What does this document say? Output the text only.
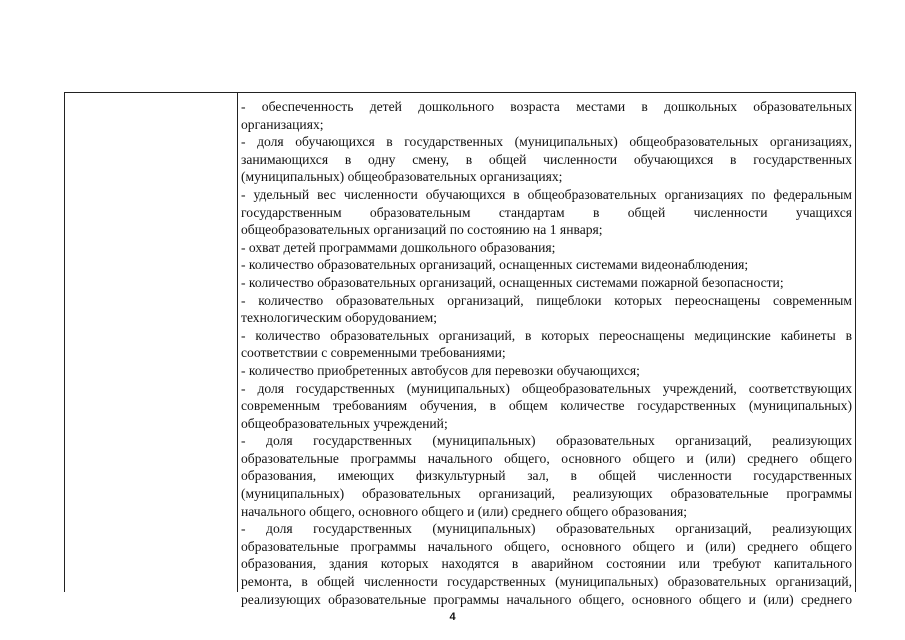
- обеспеченность детей дошкольного возраста местами в дошкольных образовательных
организациях;
- доля обучающихся в государственных (муниципальных) общеобразовательных организациях,
занимающихся в одну смену, в общей численности обучающихся в государственных
(муниципальных) общеобразовательных организациях;
- удельный вес численности обучающихся в общеобразовательных организациях по федеральным
государственным образовательным стандартам в общей численности учащихся
общеобразовательных организаций по состоянию на 1 января;
- охват детей программами дошкольного образования;
- количество образовательных организаций, оснащенных системами видеонаблюдения;
- количество образовательных организаций, оснащенных системами пожарной безопасности;
- количество образовательных организаций, пищеблоки которых переоснащены современным
технологическим оборудованием;
- количество образовательных организаций, в которых переоснащены медицинские кабинеты в
соответствии с современными требованиями;
- количество приобретенных автобусов для перевозки обучающихся;
- доля государственных (муниципальных) общеобразовательных учреждений, соответствующих
современным требованиям обучения, в общем количестве государственных (муниципальных)
общеобразовательных учреждений;
- доля государственных (муниципальных) образовательных организаций, реализующих
образовательные программы начального общего, основного общего и (или) среднего общего
образования, имеющих физкультурный зал, в общей численности государственных
(муниципальных) образовательных организаций, реализующих образовательные программы
начального общего, основного общего и (или) среднего общего образования;
- доля государственных (муниципальных) образовательных организаций, реализующих
образовательные программы начального общего, основного общего и (или) среднего общего
образования, здания которых находятся в аварийном состоянии или требуют капитального
ремонта, в общей численности государственных (муниципальных) образовательных организаций,
реализующих образовательные программы начального общего, основного общего и (или) среднего
4
